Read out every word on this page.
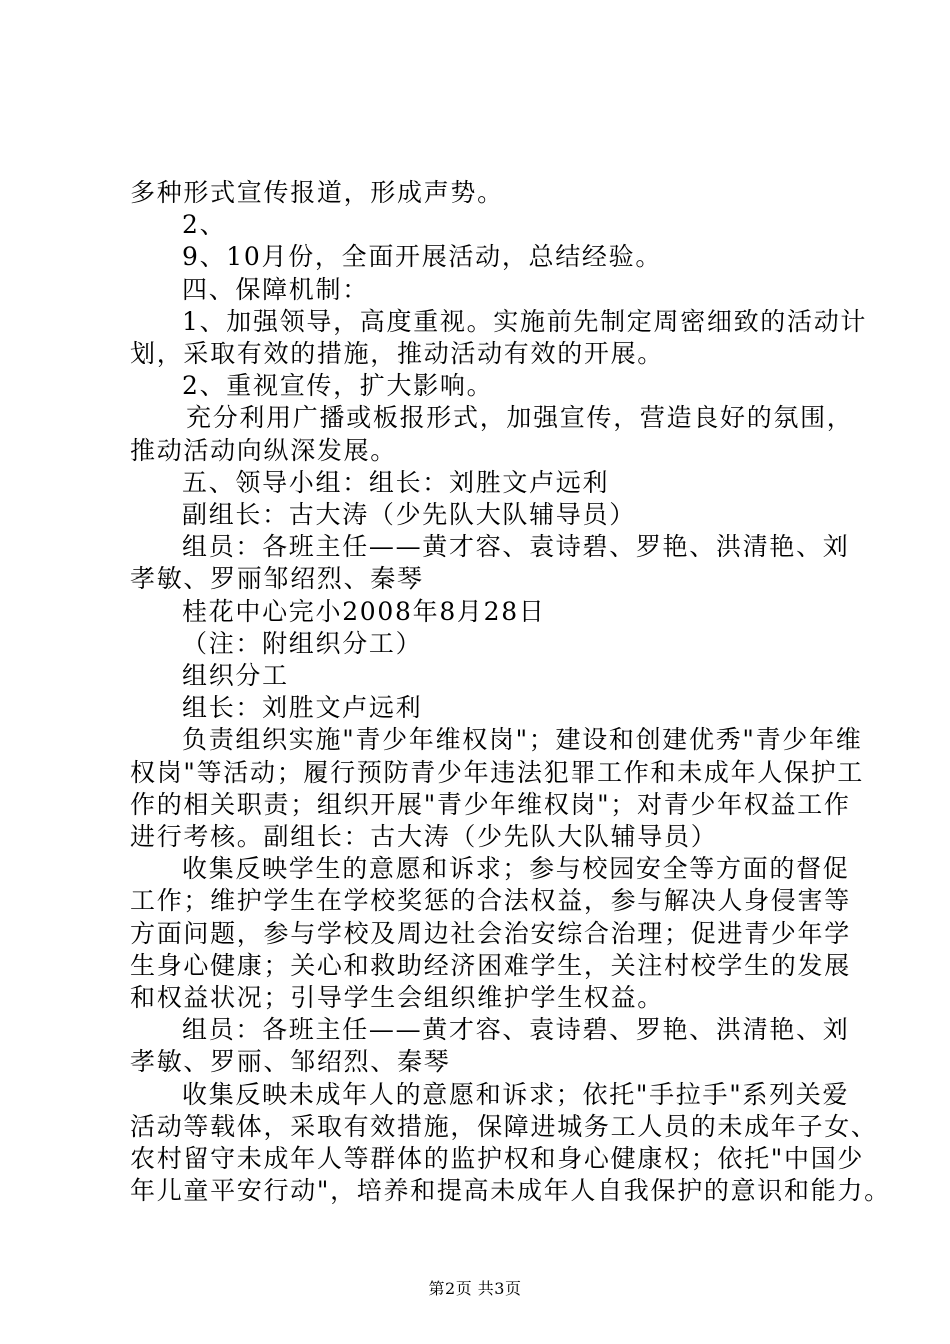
多种形式宣传报道，形成声势。
2、
9、10月份，全面开展活动，总结经验。
四、保障机制：
1、加强领导，高度重视。实施前先制定周密细致的活动计
划，采取有效的措施，推动活动有效的开展。
2、重视宣传，扩大影响。
充分利用广播或板报形式，加强宣传，营造良好的氛围，
推动活动向纵深发展。
五、领导小组：组长：刘胜文卢远利
副组长：古大涛（少先队大队辅导员）
组员：各班主任——黄才容、袁诗碧、罗艳、洪清艳、刘
孝敏、罗丽邹绍烈、秦琴
桂花中心完小2008年8月28日
（注：附组织分工）
组织分工
组长：刘胜文卢远利
负责组织实施"青少年维权岗"；建设和创建优秀"青少年维
权岗"等活动；履行预防青少年违法犯罪工作和未成年人保护工
作的相关职责；组织开展"青少年维权岗"；对青少年权益工作
进行考核。副组长：古大涛（少先队大队辅导员）
收集反映学生的意愿和诉求；参与校园安全等方面的督促
工作；维护学生在学校奖惩的合法权益，参与解决人身侵害等
方面问题，参与学校及周边社会治安综合治理；促进青少年学
生身心健康；关心和救助经济困难学生，关注村校学生的发展
和权益状况；引导学生会组织维护学生权益。
组员：各班主任——黄才容、袁诗碧、罗艳、洪清艳、刘
孝敏、罗丽、邹绍烈、秦琴
收集反映未成年人的意愿和诉求；依托"手拉手"系列关爱
活动等载体，采取有效措施，保障进城务工人员的未成年子女、
农村留守未成年人等群体的监护权和身心健康权；依托"中国少
年儿童平安行动"，培养和提高未成年人自我保护的意识和能力。
第2页 共3页
